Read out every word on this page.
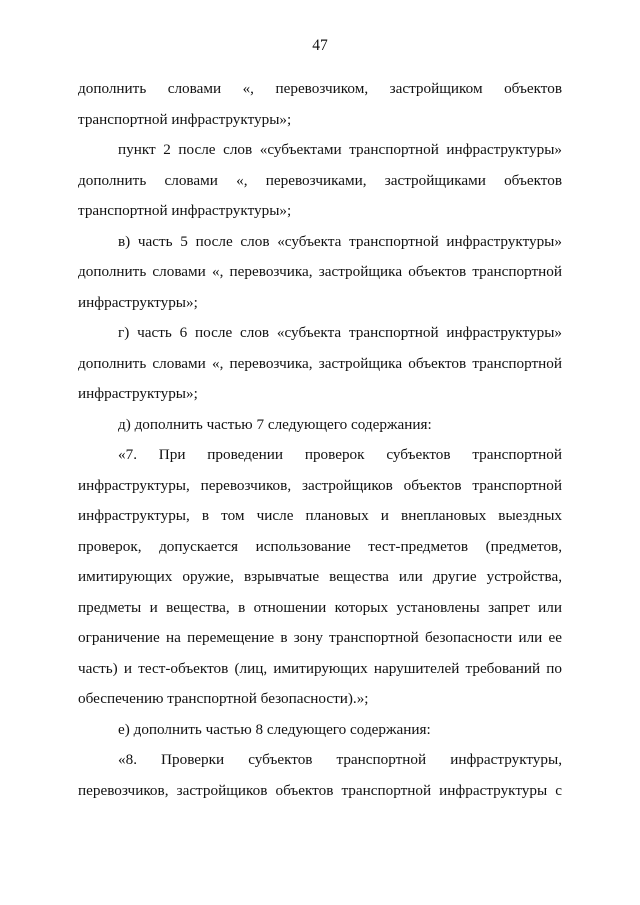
47
дополнить словами «, перевозчиком, застройщиком объектов
транспортной инфраструктуры»;
пункт 2 после слов «субъектами транспортной инфраструктуры»
дополнить словами «, перевозчиками, застройщиками объектов
транспортной инфраструктуры»;
в) часть 5 после слов «субъекта транспортной инфраструктуры»
дополнить словами «, перевозчика, застройщика объектов транспортной
инфраструктуры»;
г) часть 6 после слов «субъекта транспортной инфраструктуры»
дополнить словами «, перевозчика, застройщика объектов транспортной
инфраструктуры»;
д) дополнить частью 7 следующего содержания:
«7. При проведении проверок субъектов транспортной
инфраструктуры, перевозчиков, застройщиков объектов транспортной
инфраструктуры, в том числе плановых и внеплановых выездных
проверок, допускается использование тест-предметов (предметов,
имитирующих оружие, взрывчатые вещества или другие устройства,
предметы и вещества, в отношении которых установлены запрет или
ограничение на перемещение в зону транспортной безопасности или ее
часть) и тест-объектов (лиц, имитирующих нарушителей требований по
обеспечению транспортной безопасности).»;
е) дополнить частью 8 следующего содержания:
«8. Проверки субъектов транспортной инфраструктуры,
перевозчиков, застройщиков объектов транспортной инфраструктуры с
